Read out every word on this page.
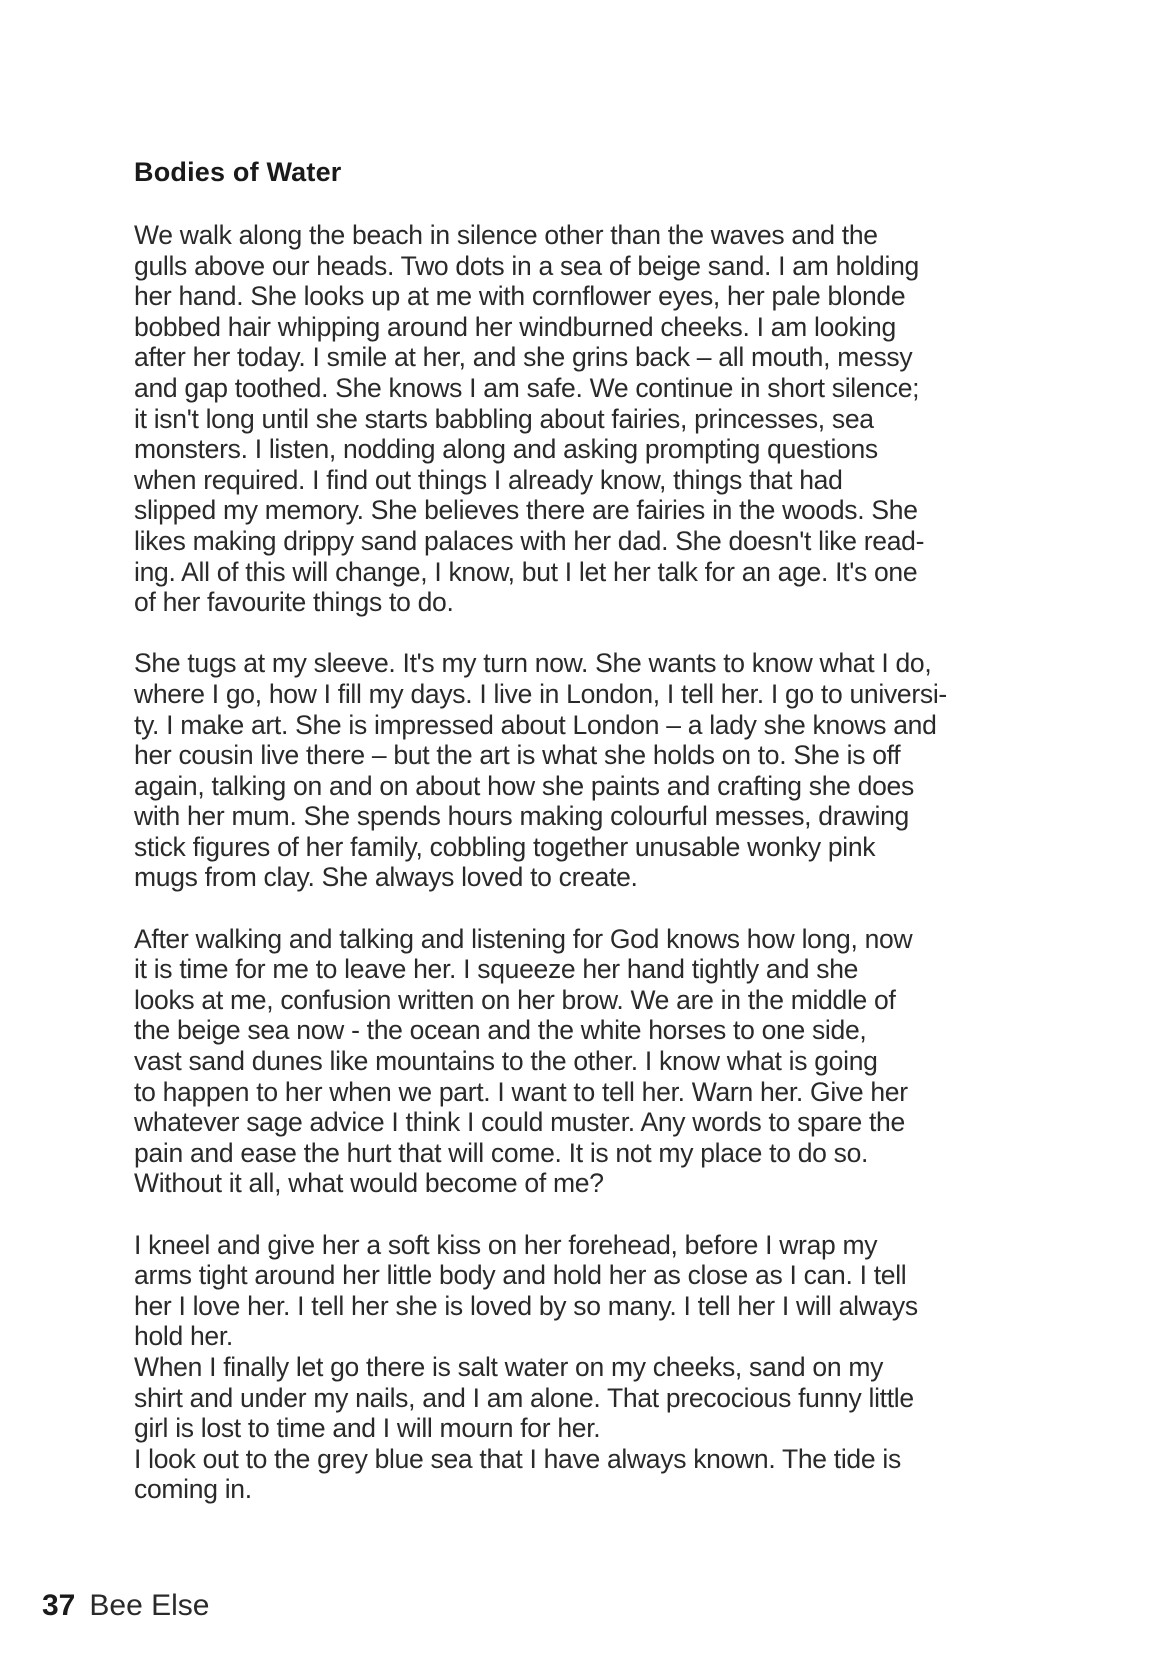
Bodies of Water

We walk along the beach in silence other than the waves and the
gulls above our heads. Two dots in a sea of beige sand. I am holding
her hand. She looks up at me with cornflower eyes, her pale blonde
bobbed hair whipping around her windburned cheeks. I am looking
after her today. I smile at her, and she grins back – all mouth, messy
and gap toothed. She knows I am safe. We continue in short silence;
it isn't long until she starts babbling about fairies, princesses, sea
monsters. I listen, nodding along and asking prompting questions
when required. I find out things I already know, things that had
slipped my memory. She believes there are fairies in the woods. She
likes making drippy sand palaces with her dad. She doesn't like read-
ing. All of this will change, I know, but I let her talk for an age. It's one
of her favourite things to do.

She tugs at my sleeve. It's my turn now. She wants to know what I do,
where I go, how I fill my days. I live in London, I tell her. I go to universi-
ty. I make art. She is impressed about London – a lady she knows and
her cousin live there – but the art is what she holds on to. She is off
again, talking on and on about how she paints and crafting she does
with her mum. She spends hours making colourful messes, drawing
stick figures of her family, cobbling together unusable wonky pink
mugs from clay. She always loved to create.

After walking and talking and listening for God knows how long, now
it is time for me to leave her. I squeeze her hand tightly and she
looks at me, confusion written on her brow. We are in the middle of
the beige sea now - the ocean and the white horses to one side,
vast sand dunes like mountains to the other. I know what is going
to happen to her when we part. I want to tell her. Warn her. Give her
whatever sage advice I think I could muster. Any words to spare the
pain and ease the hurt that will come. It is not my place to do so.
Without it all, what would become of me?

I kneel and give her a soft kiss on her forehead, before I wrap my
arms tight around her little body and hold her as close as I can. I tell
her I love her. I tell her she is loved by so many. I tell her I will always
hold her.
When I finally let go there is salt water on my cheeks, sand on my
shirt and under my nails, and I am alone. That precocious funny little
girl is lost to time and I will mourn for her.
I look out to the grey blue sea that I have always known. The tide is
coming in.

37 Bee Else
